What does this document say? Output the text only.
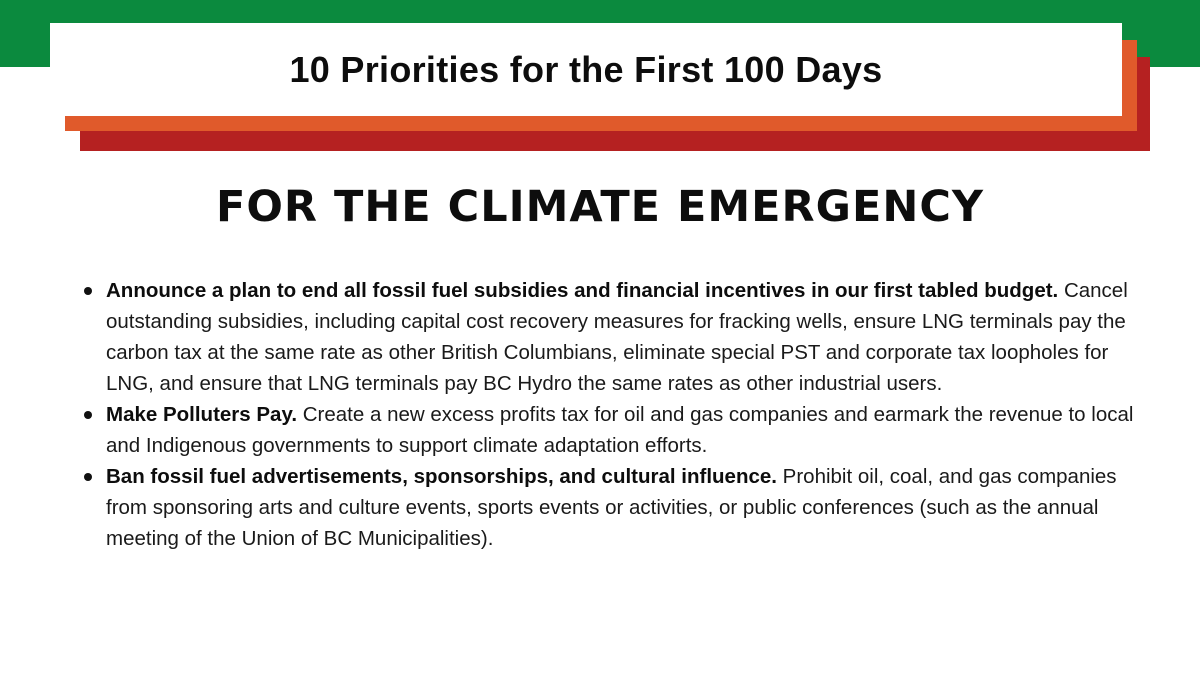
10 Priorities for the First 100 Days
FOR THE CLIMATE EMERGENCY
Announce a plan to end all fossil fuel subsidies and financial incentives in our first tabled budget. Cancel outstanding subsidies, including capital cost recovery measures for fracking wells, ensure LNG terminals pay the carbon tax at the same rate as other British Columbians, eliminate special PST and corporate tax loopholes for LNG, and ensure that LNG terminals pay BC Hydro the same rates as other industrial users.
Make Polluters Pay. Create a new excess profits tax for oil and gas companies and earmark the revenue to local and Indigenous governments to support climate adaptation efforts.
Ban fossil fuel advertisements, sponsorships, and cultural influence. Prohibit oil, coal, and gas companies from sponsoring arts and culture events, sports events or activities, or public conferences (such as the annual meeting of the Union of BC Municipalities).
